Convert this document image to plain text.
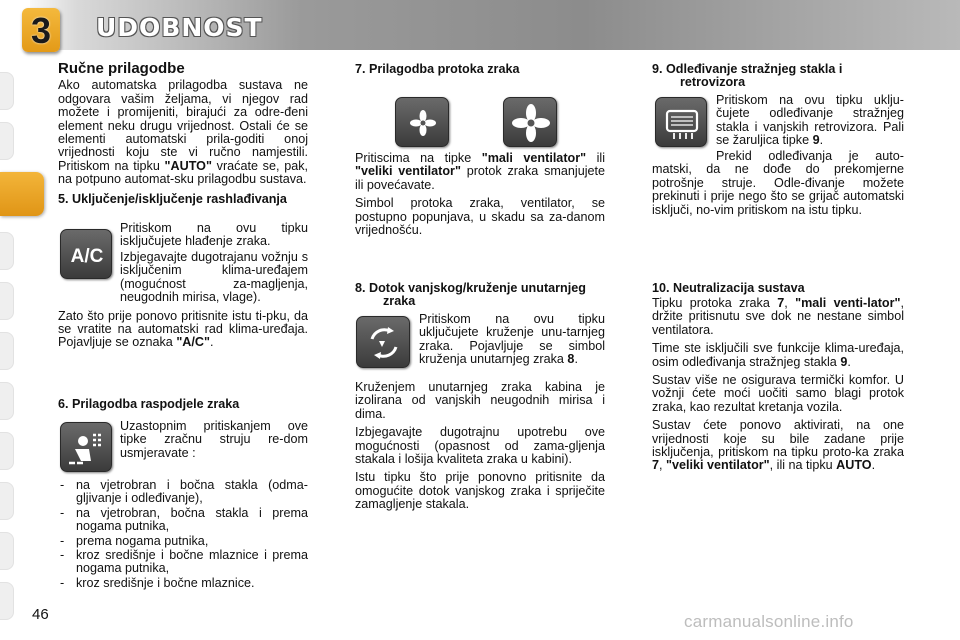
3	UDOBNOST
Ručne prilagodbe

Ako automatska prilagodba sustava ne odgovara vašim željama, vi njegov rad možete i promijeniti, birajući za odre-đeni element neku drugu vrijednost. Ostali će se elementi automatski prila-goditi onoj vrijednosti koju ste vi ručno namjestili. Pritiskom na tipku "AUTO" vraćate se, pak, na potpuno automat-sku prilagodbu sustava.

5. Uključenje/isključenje rashlađivanja
A/C

Pritiskom na ovu tipku isključujete hlađenje zraka.

Izbjegavajte dugotrajanu vožnju s isključenim klima-uređajem (mogućnost za-magljenja, neugodnih mirisa, vlage).

Zato što prije ponovo pritisnite istu ti-pku, da se vratite na automatski rad klima-uređaja. Pojavljuje se oznaka "A/C".

6. Prilagodba raspodjele zraka

Uzastopnim pritiskanjem ove tipke zračnu struju re-dom usmjeravate :

- na vjetrobran i bočna stakla (odma-gljivanje i odleđivanje),
- na vjetrobran, bočna stakla i prema nogama putnika,
- prema nogama putnika,
- kroz središnje i bočne mlaznice i prema nogama putnika,
- kroz središnje i bočne mlaznice.
7. Prilagodba protoka zraka

Pritiscima na tipke "mali ventilator" ili "veliki ventilator" protok zraka smanjujete ili povećavate.

Simbol protoka zraka, ventilator, se postupno popunjava, u skadu sa za-danom vrijednošću.

8. Dotok vanjskog/kruženje unutarnjeg zraka

Pritiskom na ovu tipku uključujete kruženje unu-tarnjeg zraka. Pojavljuje se simbol kruženja unutarnjeg zraka 8.

Kruženjem unutarnjeg zraka kabina je izolirana od vanjskih neugodnih mirisa i dima.

Izbjegavajte dugotrajnu upotrebu ove mogućnosti (opasnost od zama-gljenja stakala i lošija kvaliteta zraka u kabini).

Istu tipku što prije ponovno pritisnite da omogućite dotok vanjskog zraka i spriječite zamagljenje stakala.

9. Odleđivanje stražnjeg stakla i retrovizora

Pritiskom na ovu tipku uklju-čujete odleđivanje stražnjeg stakla i vanjskih retrovizora. Pali se žaruljica tipke 9.

Prekid odleđivanja je auto-matski, da ne dođe do prekomjerne potrošnje struje. Odle-đivanje možete prekinuti i prije nego što se grijač automatski isključi, no-vim pritiskom na istu tipku.

10. Neutralizacija sustava

Tipku protoka zraka 7, "mali venti-lator", držite pritisnutu sve dok ne nestane simbol ventilatora.

Time ste isključili sve funkcije klima-uređaja, osim odleđivanja stražnjeg stakla 9.

Sustav više ne osigurava termički komfor. U vožnji ćete moći uočiti samo blagi protok zraka, kao rezultat kretanja vozila.

Sustav ćete ponovo aktivirati, na one vrijednosti koje su bile zadane prije isključenja, pritiskom na tipku proto-ka zraka 7, "veliki ventilator", ili na tipku AUTO.

46	carmanualsonline.info
